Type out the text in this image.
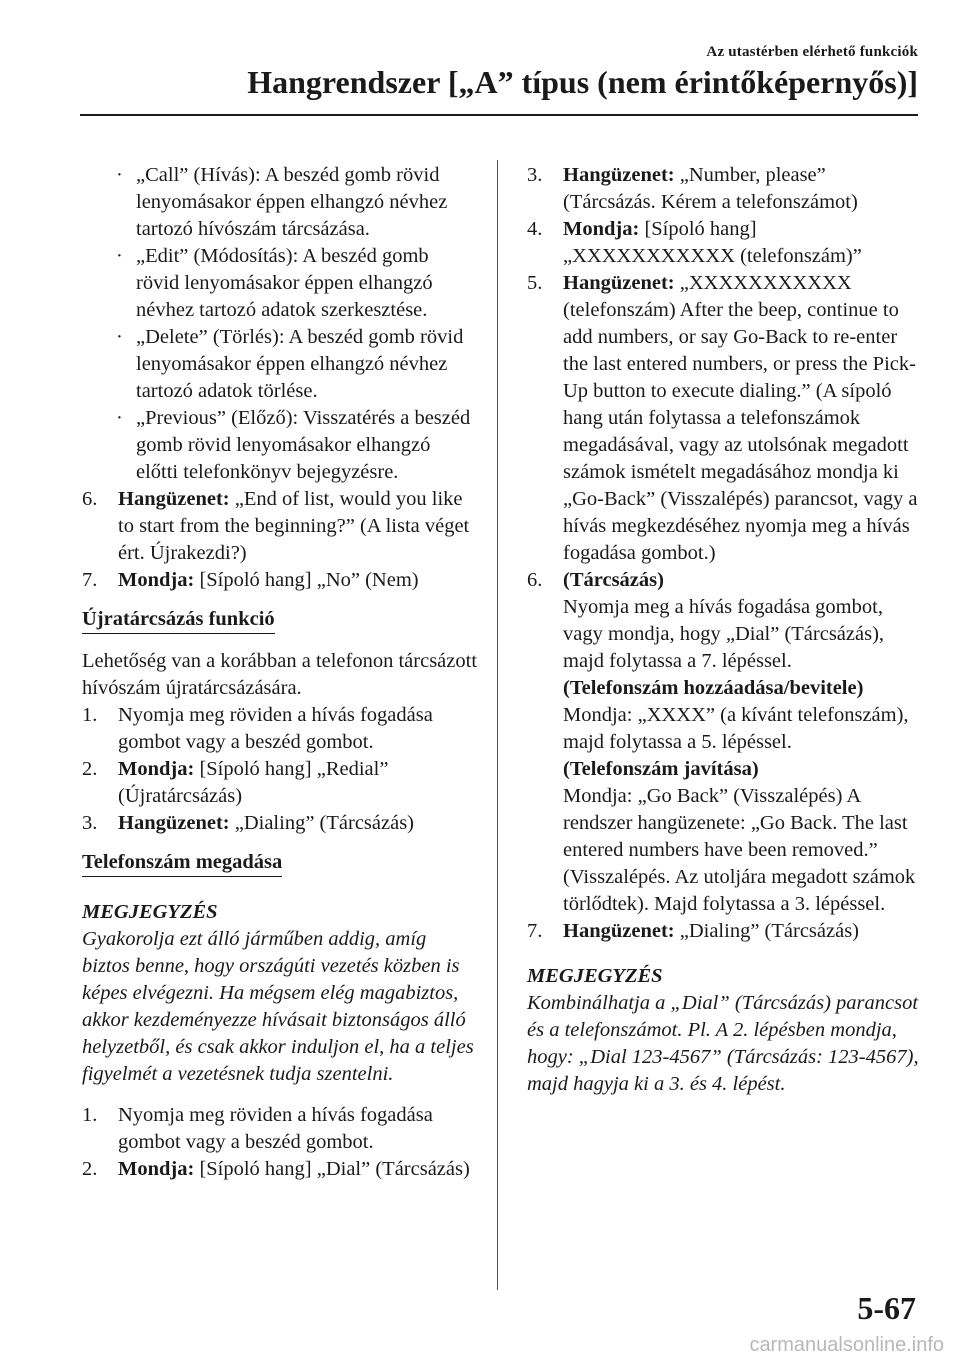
Az utastérben elérhető funkciók
Hangrendszer [„A” típus (nem érintőképernyős)]
· „Call” (Hívás): A beszéd gomb rövid lenyomásakor éppen elhangzó névhez tartozó hívószám tárcsázása.
· „Edit” (Módosítás): A beszéd gomb rövid lenyomásakor éppen elhangzó névhez tartozó adatok szerkesztése.
· „Delete” (Törlés): A beszéd gomb rövid lenyomásakor éppen elhangzó névhez tartozó adatok törlése.
· „Previous” (Előző): Visszatérés a beszéd gomb rövid lenyomásakor elhangzó előtti telefonkönyv bejegyzésre.
6. Hangüzenet: „End of list, would you like to start from the beginning?” (A lista véget ért. Újrakezdi?)
7. Mondja: [Sípoló hang] „No” (Nem)
Újratárcsázás funkció
Lehetőség van a korábban a telefonon tárcsázott hívószám újratárcsázására.
1. Nyomja meg röviden a hívás fogadása gombot vagy a beszéd gombot.
2. Mondja: [Sípoló hang] „Redial” (Újratárcsázás)
3. Hangüzenet: „Dialing” (Tárcsázás)
Telefonszám megadása
MEGJEGYZÉS
Gyakorolja ezt álló járműben addig, amíg biztos benne, hogy országúti vezetés közben is képes elvégezni. Ha mégsem elég magabiztos, akkor kezdeményezze hívásait biztonságos álló helyzetből, és csak akkor induljon el, ha a teljes figyelmét a vezetésnek tudja szentelni.
1. Nyomja meg röviden a hívás fogadása gombot vagy a beszéd gombot.
2. Mondja: [Sípoló hang] „Dial” (Tárcsázás)
3. Hangüzenet: „Number, please” (Tárcsázás. Kérem a telefonszámot)
4. Mondja: [Sípoló hang] „XXXXXXXXXXX (telefonszám)”
5. Hangüzenet: „XXXXXXXXXXX (telefonszám) After the beep, continue to add numbers, or say Go-Back to re-enter the last entered numbers, or press the Pick-Up button to execute dialing.” (A sípoló hang után folytassa a telefonszámok megadásával, vagy az utolsónak megadott számok ismételt megadásához mondja ki „Go-Back” (Visszalépés) parancsot, vagy a hívás megkezdéséhez nyomja meg a hívás fogadása gombot.)
6. (Tárcsázás)
Nyomja meg a hívás fogadása gombot, vagy mondja, hogy „Dial” (Tárcsázás), majd folytassa a 7. lépéssel.
(Telefonszám hozzáadása/bevitele)
Mondja: „XXXX” (a kívánt telefonszám), majd folytassa a 5. lépéssel.
(Telefonszám javítása)
Mondja: „Go Back” (Visszalépés) A rendszer hangüzenete: „Go Back. The last entered numbers have been removed.” (Visszalépés. Az utoljára megadott számok törlődtek). Majd folytassa a 3. lépéssel.
7. Hangüzenet: „Dialing” (Tárcsázás)
MEGJEGYZÉS
Kombinálhatja a „Dial” (Tárcsázás) parancsot és a telefonszámot. Pl. A 2. lépésben mondja, hogy: „Dial 123-4567” (Tárcsázás: 123-4567), majd hagyja ki a 3. és 4. lépést.
5-67
carmanualsonline.info
